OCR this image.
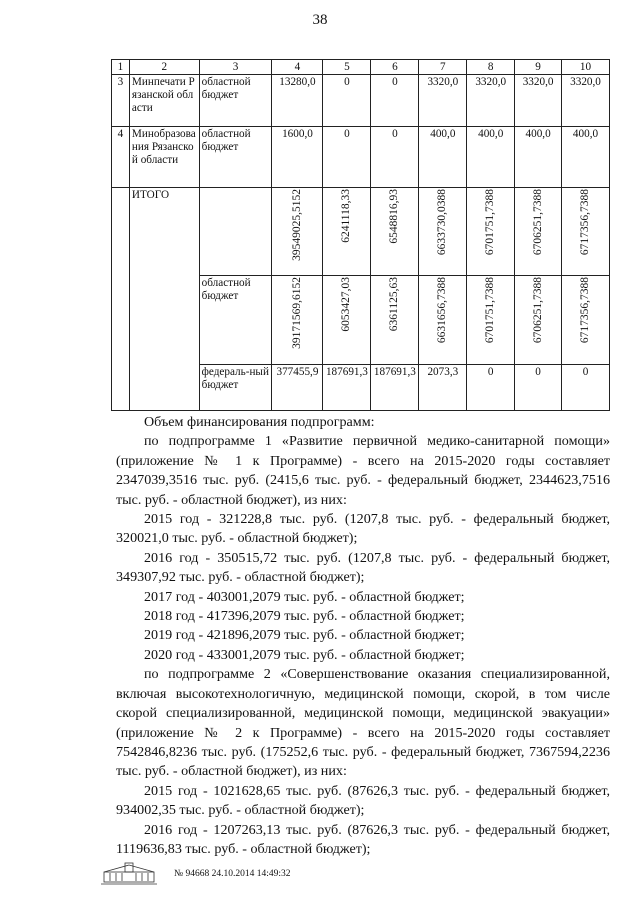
38
1	2	3	4	5	6	7	8	9	10
3	Минпечати Рязанской области	областной бюджет	13280,0	0	0	3320,0	3320,0	3320,0	3320,0
4	Минобразования Рязанской области	областной бюджет	1600,0	0	0	400,0	400,0	400,0	400,0
	ИТОГО		39549025,5152	6241118,33	6548816,93	6633730,0388	6701751,7388	6706251,7388	6717356,7388

		областной бюджет	39171569,6152	6053427,03	6361125,63	6631656,7388	6701751,7388	6706251,7388	6717356,7388

		федераль-ный бюджет	377455,9	187691,3	187691,3	2073,3	0	0	0

Объем финансирования подпрограмм:

по подпрограмме 1 «Развитие первичной медико-санитарной помощи» (приложение № 1 к Программе) - всего на 2015-2020 годы составляет 2347039,3516 тыс. руб. (2415,6 тыс. руб. - федеральный бюджет, 2344623,7516 тыс. руб. - областной бюджет), из них:

2015 год - 321228,8 тыс. руб. (1207,8 тыс. руб. - федеральный бюджет, 320021,0 тыс. руб. - областной бюджет);

2016 год - 350515,72 тыс. руб. (1207,8 тыс. руб. - федеральный бюджет, 349307,92 тыс. руб. - областной бюджет);

2017 год - 403001,2079 тыс. руб. - областной бюджет;

2018 год - 417396,2079 тыс. руб. - областной бюджет;

2019 год - 421896,2079 тыс. руб. - областной бюджет;

2020 год - 433001,2079 тыс. руб. - областной бюджет;

по подпрограмме 2 «Совершенствование оказания специализированной, включая высокотехнологичную, медицинской помощи, скорой, в том числе скорой специализированной, медицинской помощи, медицинской эвакуации» (приложение № 2 к Программе) - всего на 2015-2020 годы составляет 7542846,8236 тыс. руб. (175252,6 тыс. руб. - федеральный бюджет, 7367594,2236 тыс. руб. - областной бюджет), из них:

2015 год - 1021628,65 тыс. руб. (87626,3 тыс. руб. - федеральный бюджет, 934002,35 тыс. руб. - областной бюджет);

2016 год - 1207263,13 тыс. руб. (87626,3 тыс. руб. - федеральный бюджет, 1119636,83 тыс. руб. - областной бюджет);

№ 94668 24.10.2014 14:49:32
